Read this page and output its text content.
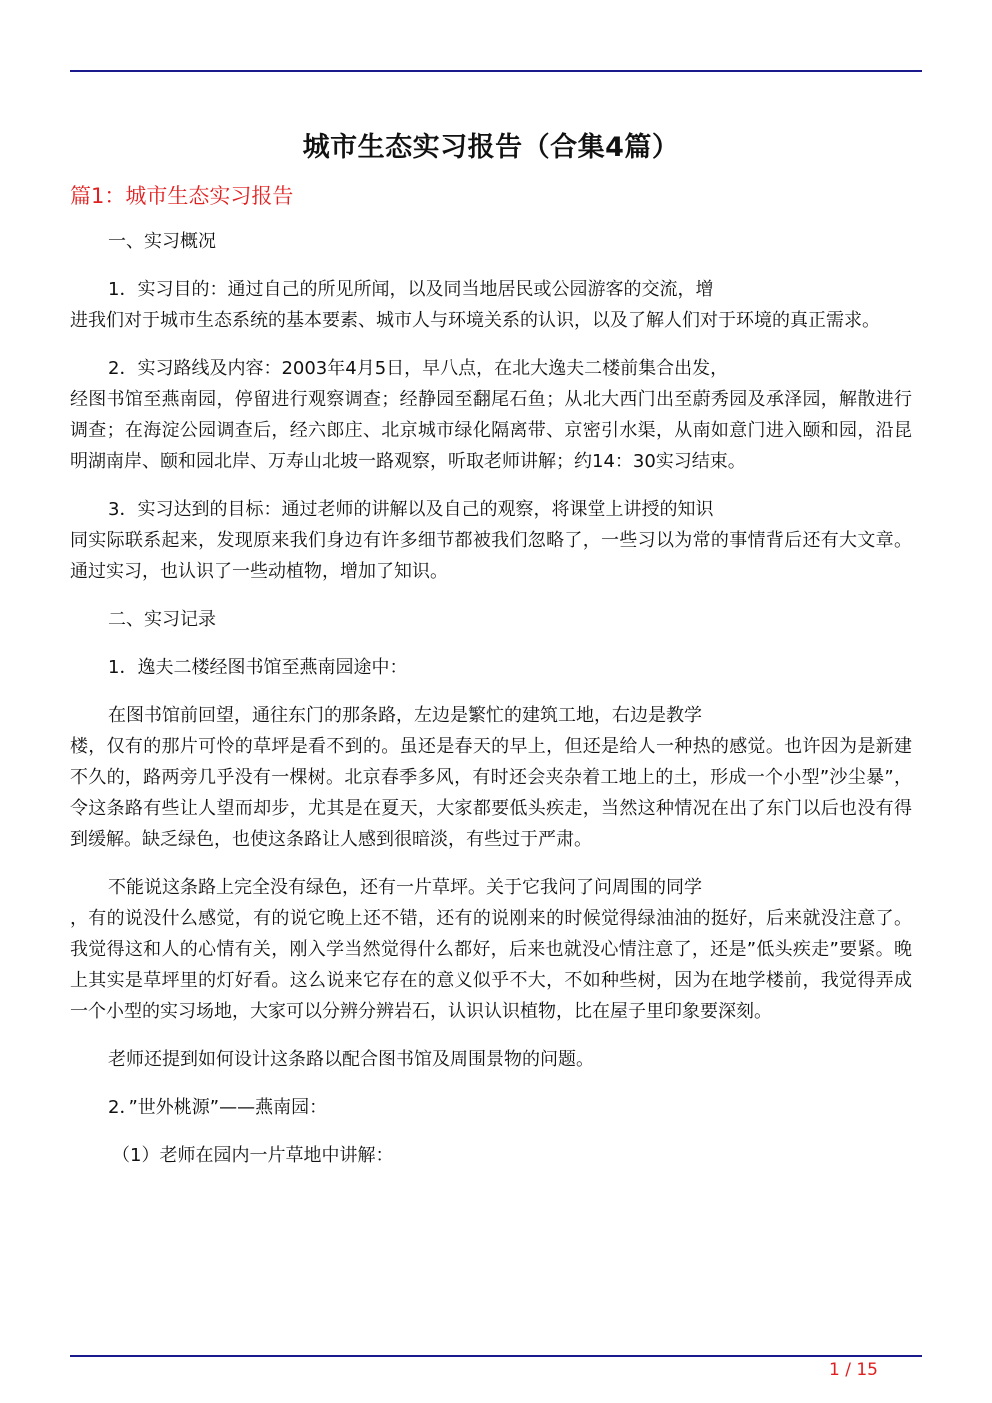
城市生态实习报告（合集4篇）
篇1：城市生态实习报告
一、实习概况
1．实习目的：通过自己的所见所闻，以及同当地居民或公园游客的交流，增
进我们对于城市生态系统的基本要素、城市人与环境关系的认识，以及了解人们对于环境的真正需求。
2．实习路线及内容：2003年4月5日，早八点，在北大逸夫二楼前集合出发，
经图书馆至燕南园，停留进行观察调查；经静园至翻尾石鱼；从北大西门出至蔚秀园及承泽园，解散进行调查；在海淀公园调查后，经六郎庄、北京城市绿化隔离带、京密引水渠，从南如意门进入颐和园，沿昆明湖南岸、颐和园北岸、万寿山北坡一路观察，听取老师讲解；约14：30实习结束。
3．实习达到的目标：通过老师的讲解以及自己的观察，将课堂上讲授的知识
同实际联系起来，发现原来我们身边有许多细节都被我们忽略了，一些习以为常的事情背后还有大文章。通过实习，也认识了一些动植物，增加了知识。
二、实习记录
1．逸夫二楼经图书馆至燕南园途中：
在图书馆前回望，通往东门的那条路，左边是繁忙的建筑工地，右边是教学
楼，仅有的那片可怜的草坪是看不到的。虽还是春天的早上，但还是给人一种热的感觉。也许因为是新建不久的，路两旁几乎没有一棵树。北京春季多风，有时还会夹杂着工地上的土，形成一个小型”沙尘暴”，令这条路有些让人望而却步，尤其是在夏天，大家都要低头疾走，当然这种情况在出了东门以后也没有得到缓解。缺乏绿色，也使这条路让人感到很暗淡，有些过于严肃。
不能说这条路上完全没有绿色，还有一片草坪。关于它我问了问周围的同学
，有的说没什么感觉，有的说它晚上还不错，还有的说刚来的时候觉得绿油油的挺好，后来就没注意了。我觉得这和人的心情有关，刚入学当然觉得什么都好，后来也就没心情注意了，还是”低头疾走”要紧。晚上其实是草坪里的灯好看。这么说来它存在的意义似乎不大，不如种些树，因为在地学楼前，我觉得弄成一个小型的实习场地，大家可以分辨分辨岩石，认识认识植物，比在屋子里印象要深刻。
老师还提到如何设计这条路以配合图书馆及周围景物的问题。
2．”世外桃源”——燕南园：
（1）老师在园内一片草地中讲解：
1 / 15
